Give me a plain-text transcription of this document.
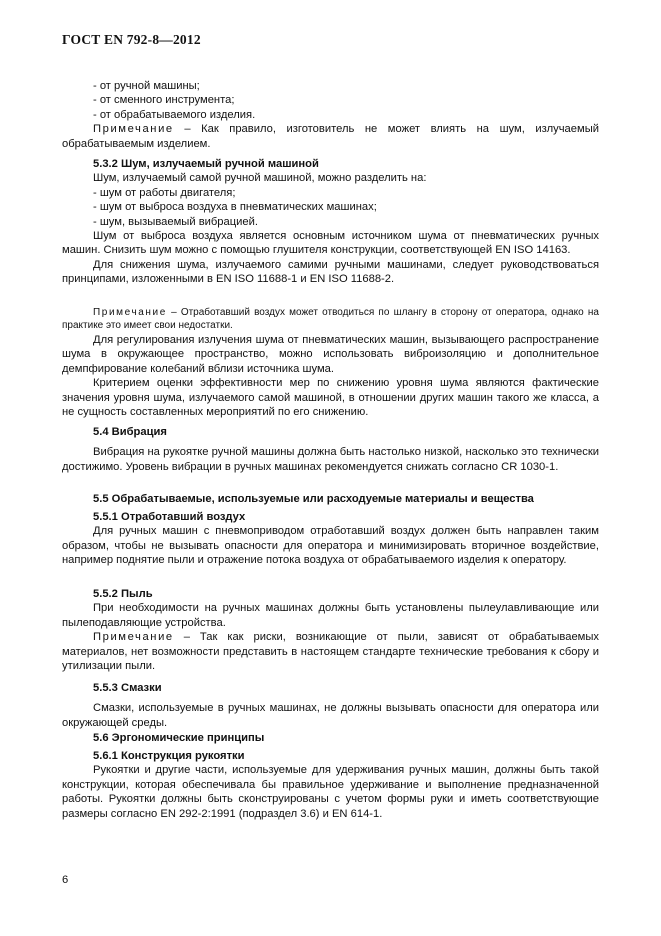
ГОСТ EN 792-8—2012

- от ручной машины;

- от сменного инструмента;

- от обрабатываемого изделия.

Примечание – Как правило, изготовитель не может влиять на шум, излучаемый обрабатываемым изделием.

5.3.2 Шум, излучаемый ручной машиной

Шум, излучаемый самой ручной машиной, можно разделить на:

- шум от работы двигателя;

- шум от выброса воздуха в пневматических машинах;

- шум, вызываемый вибрацией.

Шум от выброса воздуха является основным источником шума от пневматических ручных машин. Снизить шум можно с помощью глушителя конструкции, соответствующей EN ISO 14163.

Для снижения шума, излучаемого самими ручными машинами, следует руководствоваться принципами, изложенными в EN ISO 11688-1 и EN ISO 11688-2.

Примечание – Отработавший воздух может отводиться по шлангу в сторону от оператора, однако на практике это имеет свои недостатки.

Для регулирования излучения шума от пневматических машин, вызывающего распространение шума в окружающее пространство, можно использовать виброизоляцию и дополнительное демпфирование колебаний вблизи источника шума.

Критерием оценки эффективности мер по снижению уровня шума являются фактические значения уровня шума, излучаемого самой машиной, в отношении других машин такого же класса, а не сущность составленных мероприятий по его снижению.

5.4 Вибрация

Вибрация на рукоятке ручной машины должна быть настолько низкой, насколько это технически достижимо. Уровень вибрации в ручных машинах рекомендуется снижать согласно CR 1030-1.

5.5 Обрабатываемые, используемые или расходуемые материалы и вещества

5.5.1 Отработавший воздух

Для ручных машин с пневмоприводом отработавший воздух должен быть направлен таким образом, чтобы не вызывать опасности для оператора и минимизировать вторичное воздействие, например поднятие пыли и отражение потока воздуха от обрабатываемого изделия к оператору.

5.5.2 Пыль

При необходимости на ручных машинах должны быть установлены пылеулавливающие или пылеподавляющие устройства.

Примечание – Так как риски, возникающие от пыли, зависят от обрабатываемых материалов, нет возможности представить в настоящем стандарте технические требования к сбору и утилизации пыли.

5.5.3 Смазки

Смазки, используемые в ручных машинах, не должны вызывать опасности для оператора или окружающей среды.

5.6 Эргономические принципы

5.6.1 Конструкция рукоятки

Рукоятки и другие части, используемые для удерживания ручных машин, должны быть такой конструкции, которая обеспечивала бы правильное удерживание и выполнение предназначенной работы. Рукоятки должны быть сконструированы с учетом формы руки и иметь соответствующие размеры согласно EN 292-2:1991 (подраздел 3.6) и EN 614-1.

6
